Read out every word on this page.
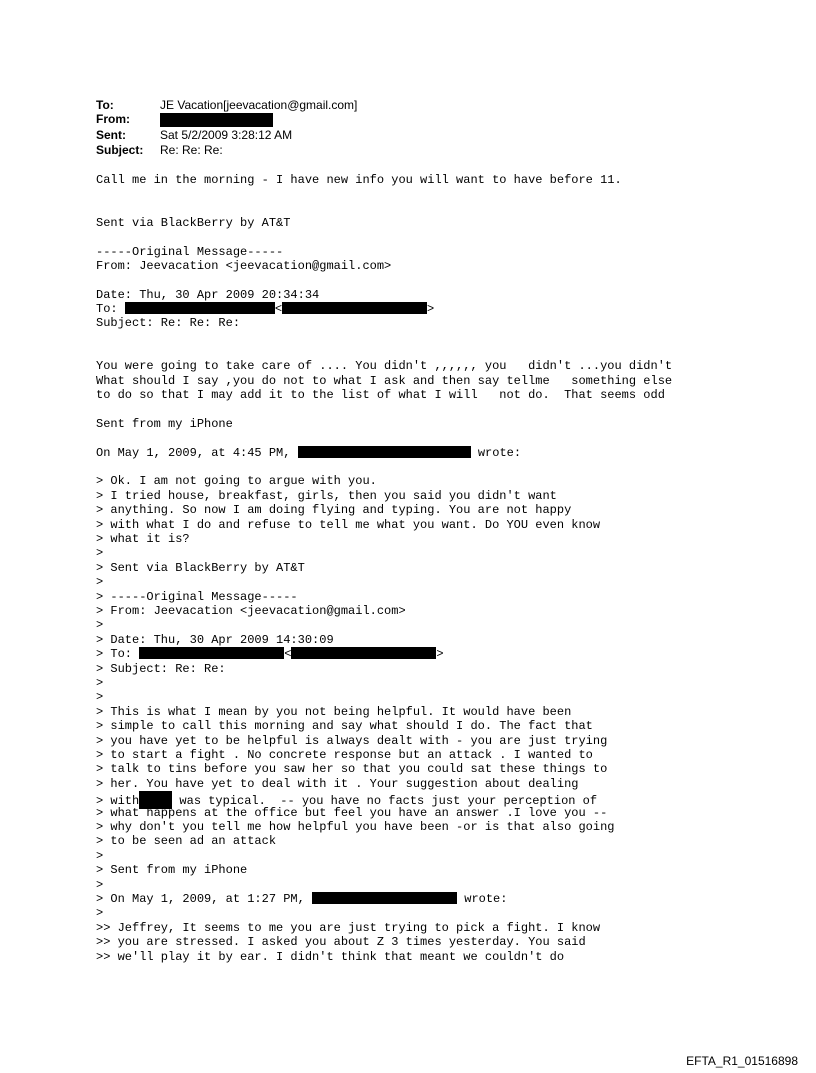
To:	JE Vacation[jeevacation@gmail.com]
From:
Sent:	Sat 5/2/2009 3:28:12 AM
Subject: Re: Re: Re:
Call me in the morning - I have new info you will want to have before 11.
Sent via BlackBerry by AT&T
-----Original Message-----
From: Jeevacation <jeevacation@gmail.com>
Date: Thu, 30 Apr 2009 20:34:34
To:	<	>
Subject: Re: Re: Re:
You were going to take care of .... You didn't ,,,,,, you   didn't ...you didn't
What should I say ,you do not to what I ask and then say tellme   something else
to do so that I may add it to the list of what I will   not do.  That seems odd
Sent from my iPhone
On May 1, 2009, at 4:45 PM,	wrote:
> Ok. I am not going to argue with you.
> I tried house, breakfast, girls, then you said you didn't want
> anything. So now I am doing flying and typing. You are not happy
> with what I do and refuse to tell me what you want. Do YOU even know
> what it is?
>
> Sent via BlackBerry by AT&T
>
> -----Original Message-----
> From: Jeevacation <jeevacation@gmail.com>
>
> Date: Thu, 30 Apr 2009 14:30:09
> To:	<	>
> Subject: Re: Re:
>
>
> This is what I mean by you not being helpful. It would have been
> simple to call this morning and say what should I do. The fact that
> you have yet to be helpful is always dealt with - you are just trying
> to start a fight . No concrete response but an attack . I wanted to
> talk to tins before you saw her so that you could sat these things to
> her. You have yet to deal with it . Your suggestion about dealing
> with	was typical.  -- you have no facts just your perception of
> what happens at the office but feel you have an answer .I love you --
> why don't you tell me how helpful you have been -or is that also going
> to be seen ad an attack
>
> Sent from my iPhone
>
> On May 1, 2009, at 1:27 PM,	wrote:
>
>> Jeffrey, It seems to me you are just trying to pick a fight. I know
>> you are stressed. I asked you about Z 3 times yesterday. You said
>> we'll play it by ear. I didn't think that meant we couldn't do
EFTA_R1_01516898
